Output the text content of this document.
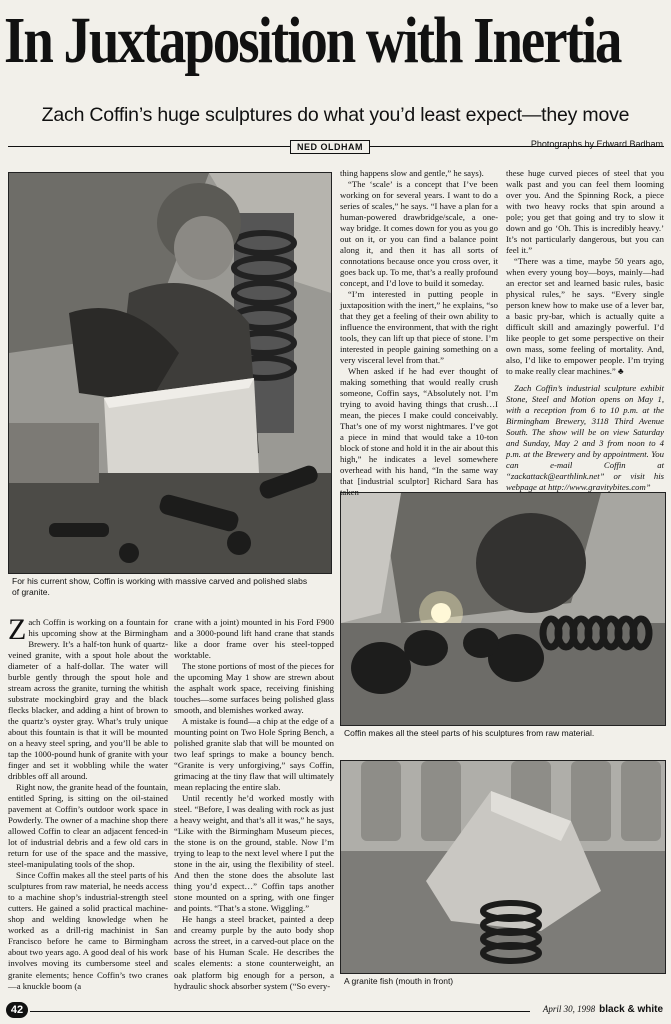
In Juxtaposition with Inertia
Zach Coffin’s huge sculptures do what you’d least expect—they move
NED OLDHAM	Photographs by Edward Badham
For his current show, Coffin is working with massive carved and polished slabs of granite.
Coffin makes all the steel parts of his sculptures from raw material.
A granite fish (mouth in front)

Zach Coffin is working on a fountain for his upcoming show at the Birmingham Brewery. It’s a half-ton hunk of quartz-veined granite, with a spout hole about the diameter of a half-dollar. The water will burble gently through the spout hole and stream across the granite, turning the whitish substrate mockingbird gray and the black flecks blacker, and adding a hint of brown to the quartz’s oyster gray. What’s truly unique about this fountain is that it will be mounted on a heavy steel spring, and you’ll be able to tap the 1000-pound hunk of granite with your finger and set it wobbling while the water dribbles off all around.

Right now, the granite head of the fountain, entitled Spring, is sitting on the oil-stained pavement at Coffin’s outdoor work space in Powderly. The owner of a machine shop there allowed Coffin to clear an adjacent fenced-in lot of industrial debris and a few old cars in return for use of the space and the massive, steel-manipulating tools of the shop.

Since Coffin makes all the steel parts of his sculptures from raw material, he needs access to a machine shop’s industrial-strength steel cutters. He gained a solid practical machine-shop and welding knowledge when he worked as a drill-rig machinist in San Francisco before he came to Birmingham about two years ago. A good deal of his work involves moving its cumbersome steel and granite elements; hence Coffin’s two cranes—a knuckle boom (a

crane with a joint) mounted in his Ford F900 and a 3000-pound lift hand crane that stands like a door frame over his steel-topped worktable.

The stone portions of most of the pieces for the upcoming May 1 show are strewn about the asphalt work space, receiving finishing touches—some surfaces being polished glass smooth, and blemishes worked away.

A mistake is found—a chip at the edge of a mounting point on Two Hole Spring Bench, a polished granite slab that will be mounted on two leaf springs to make a bouncy bench. “Granite is very unforgiving,” says Coffin, grimacing at the tiny flaw that will ultimately mean replacing the entire slab.

Until recently he’d worked mostly with steel. “Before, I was dealing with rock as just a heavy weight, and that’s all it was,” he says, “Like with the Birmingham Museum pieces, the stone is on the ground, stable. Now I’m trying to leap to the next level where I put the stone in the air, using the flexibility of steel. And then the stone does the absolute last thing you’d expect…” Coffin taps another stone mounted on a spring, with one finger and points. “That’s a stone. Wiggling.”

He hangs a steel bracket, painted a deep and creamy purple by the auto body shop across the street, in a carved-out place on the base of his Human Scale. He describes the scales elements: a stone counterweight, an oak platform big enough for a person, a hydraulic shock absorber system (“So every-

thing happens slow and gentle,” he says).

“The ‘scale’ is a concept that I’ve been working on for several years. I want to do a series of scales,” he says. “I have a plan for a human-powered drawbridge/scale, a one-way bridge. It comes down for you as you go out on it, or you can find a balance point along it, and then it has all sorts of connotations because once you cross over, it goes back up. To me, that’s a really profound concept, and I’d love to build it someday.

“I’m interested in putting people in juxtaposition with the inert,” he explains, “so that they get a feeling of their own ability to influence the environment, that with the right tools, they can lift up that piece of stone. I’m interested in people gaining something on a very visceral level from that.”

When asked if he had ever thought of making something that would really crush someone, Coffin says, “Absolutely not. I’m trying to avoid having things that crush…I mean, the pieces I make could conceivably. That’s one of my worst nightmares. I’ve got a piece in mind that would take a 10-ton block of stone and hold it in the air about this high,” he indicates a level somewhere overhead with his hand, “In the same way that [industrial sculptor] Richard Sara has taken

these huge curved pieces of steel that you walk past and you can feel them looming over you. And the Spinning Rock, a piece with two heavy rocks that spin around a pole; you get that going and try to slow it down and go ‘Oh. This is incredibly heavy.’ It’s not particularly dangerous, but you can feel it.”

“There was a time, maybe 50 years ago, when every young boy—boys, mainly—had an erector set and learned basic rules, basic physical rules,” he says. “Every single person knew how to make use of a lever bar, a basic pry-bar, which is actually quite a difficult skill and amazingly powerful. I’d like people to get some perspective on their own mass, some feeling of mortality. And, also, I’d like to empower people. I’m trying to make really clear machines.” ♣

Zach Coffin’s industrial sculpture exhibit Stone, Steel and Motion opens on May 1, with a reception from 6 to 10 p.m. at the Birmingham Brewery, 3118 Third Avenue South. The show will be on view Saturday and Sunday, May 2 and 3 from noon to 4 p.m. at the Brewery and by appointment. You can e-mail Coffin at “zackattack@earthlink.net” or visit his webpage at http://www.gravitybites.com”

42	April 30, 1998 black & white
